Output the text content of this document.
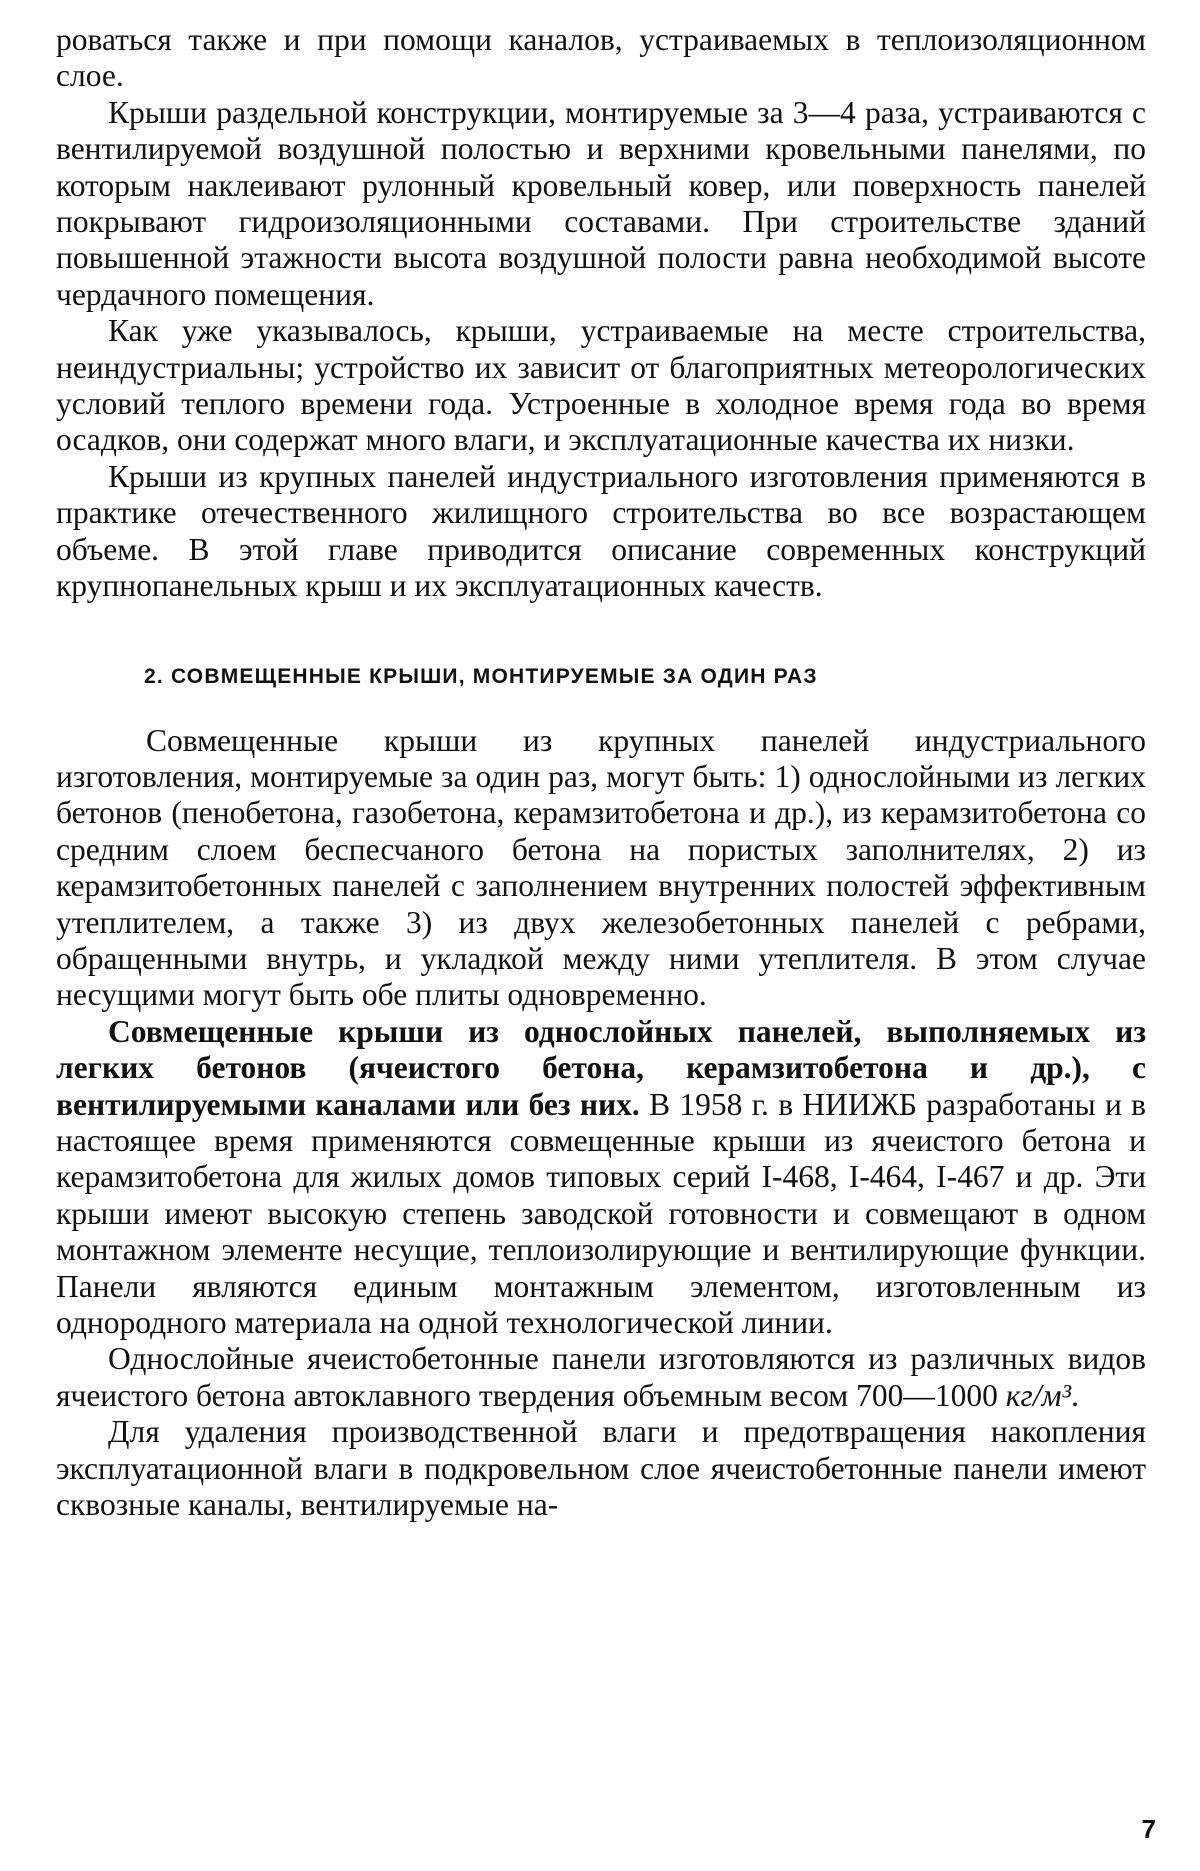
роваться также и при помощи каналов, устраиваемых в теплоизоляционном слое.

Крыши раздельной конструкции, монтируемые за 3—4 раза, устраиваются с вентилируемой воздушной полостью и верхними кровельными панелями, по которым наклеивают рулонный кровельный ковер, или поверхность панелей покрывают гидроизоляционными составами. При строительстве зданий повышенной этажности высота воздушной полости равна необходимой высоте чердачного помещения.

Как уже указывалось, крыши, устраиваемые на месте строительства, неиндустриальны; устройство их зависит от благоприятных метеорологических условий теплого времени года. Устроенные в холодное время года во время осадков, они содержат много влаги, и эксплуатационные качества их низки.

Крыши из крупных панелей индустриального изготовления применяются в практике отечественного жилищного строительства во все возрастающем объеме. В этой главе приводится описание современных конструкций крупнопанельных крыш и их эксплуатационных качеств.

2. СОВМЕЩЕННЫЕ КРЫШИ, МОНТИРУЕМЫЕ ЗА ОДИН РАЗ

Совмещенные крыши из крупных панелей индустриального изготовления, монтируемые за один раз, могут быть: 1) однослойными из легких бетонов (пенобетона, газобетона, керамзитобетона и др.), из керамзитобетона со средним слоем беспесчаного бетона на пористых заполнителях, 2) из керамзитобетонных панелей с заполнением внутренних полостей эффективным утеплителем, а также 3) из двух железобетонных панелей с ребрами, обращенными внутрь, и укладкой между ними утеплителя. В этом случае несущими могут быть обе плиты одновременно.

Совмещенные крыши из однослойных панелей, выполняемых из легких бетонов (ячеистого бетона, керамзитобетона и др.), с вентилируемыми каналами или без них. В 1958 г. в НИИЖБ разработаны и в настоящее время применяются совмещенные крыши из ячеистого бетона и керамзитобетона для жилых домов типовых серий I-468, I-464, I-467 и др. Эти крыши имеют высокую степень заводской готовности и совмещают в одном монтажном элементе несущие, теплоизолирующие и вентилирующие функции. Панели являются единым монтажным элементом, изготовленным из однородного материала на одной технологической линии.

Однослойные ячеистобетонные панели изготовляются из различных видов ячеистого бетона автоклавного твердения объемным весом 700—1000 кг/м³.

Для удаления производственной влаги и предотвращения накопления эксплуатационной влаги в подкровельном слое ячеистобетонные панели имеют сквозные каналы, вентилируемые на-

7
